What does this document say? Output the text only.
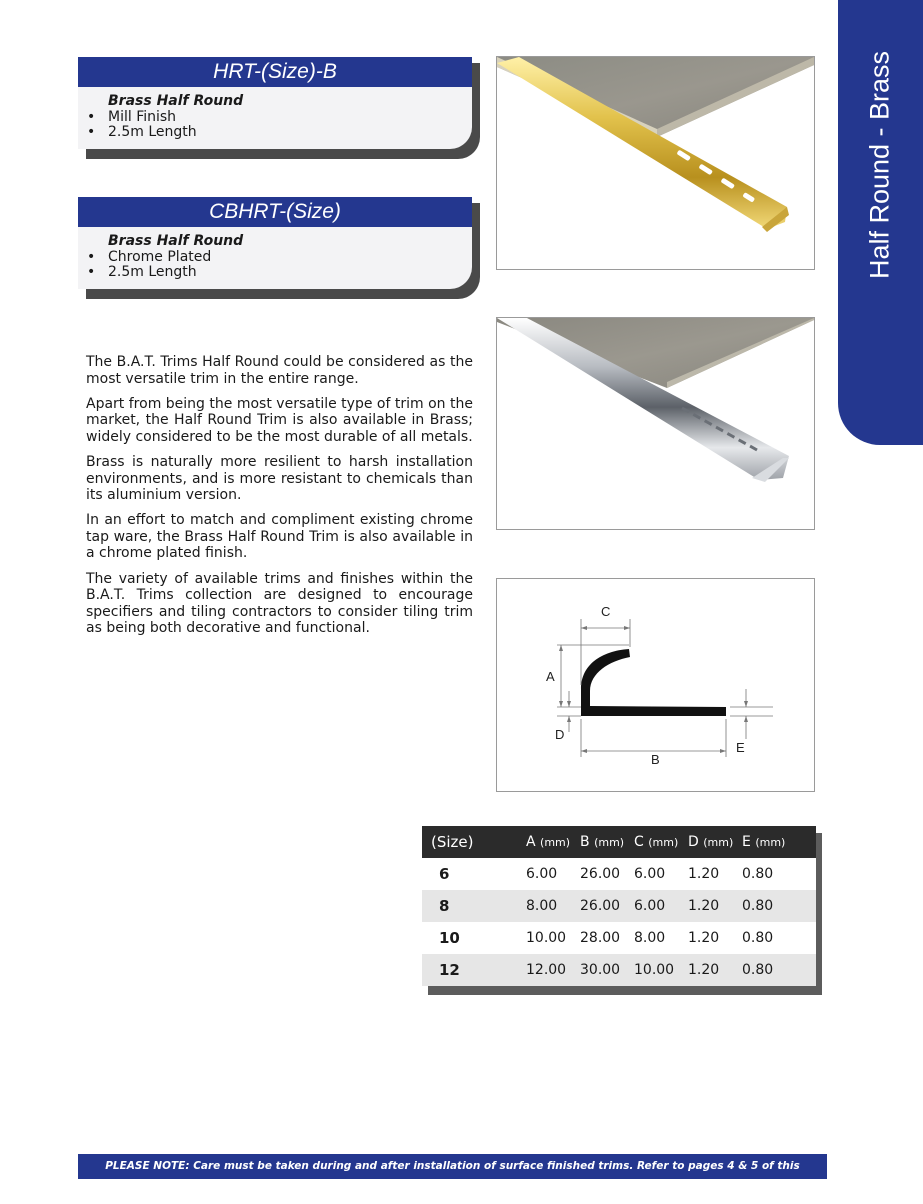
Half Round - Brass
HRT-(Size)-B
Brass Half Round
• Mill Finish
• 2.5m Length
CBHRT-(Size)
Brass Half Round
• Chrome Plated
• 2.5m Length
C
A
D
B
E

The B.A.T. Trims Half Round could be considered as the most versatile trim in the entire range.

Apart from being the most versatile type of trim on the market, the Half Round Trim is also available in Brass; widely considered to be the most durable of all metals.

Brass is naturally more resilient to harsh installation environments, and is more resistant to chemicals than its aluminium version.

In an effort to match and compliment existing chrome tap ware, the Brass Half Round Trim is also available in a chrome plated finish.

The variety of available trims and finishes within the B.A.T. Trims collection are designed to encourage specifiers and tiling contractors to consider tiling trim as being both decorative and functional.

(Size)	A (mm) B (mm) C (mm) D (mm) E (mm)
6	6.00	26.00 6.00	1.20	0.80
8	8.00	26.00 6.00	1.20	0.80
10	10.00 28.00 8.00	1.20	0.80
12	12.00 30.00 10.00 1.20	0.80
PLEASE NOTE: Care must be taken during and after installation of surface finished trims. Refer to pages 4 & 5 of this catalogue
